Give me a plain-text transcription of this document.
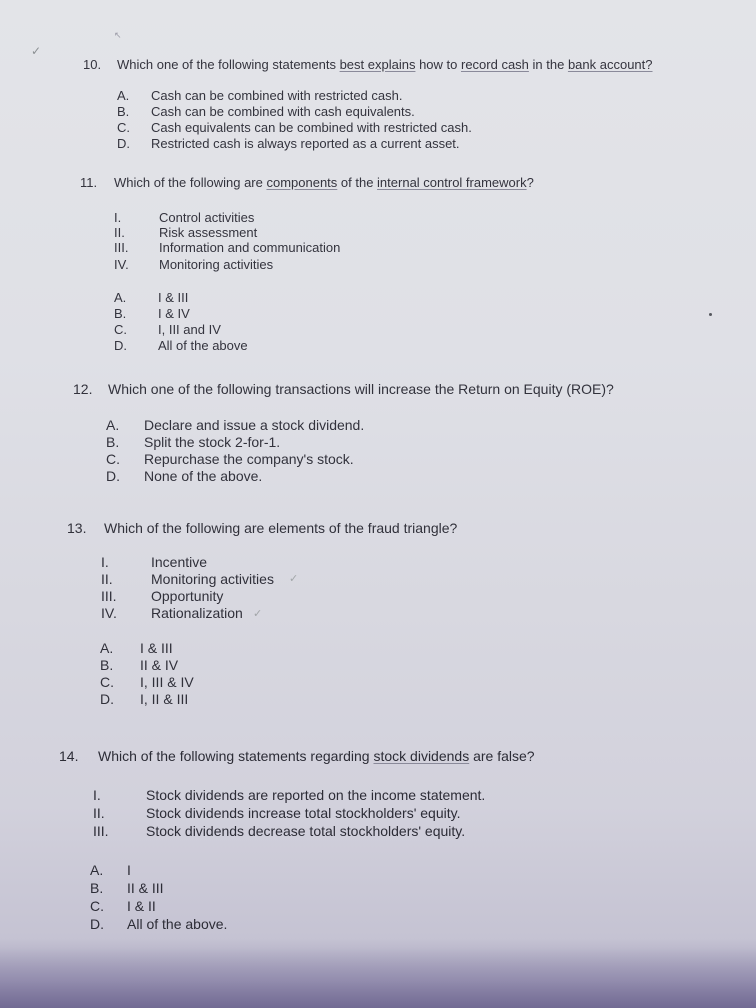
✓
↖
10. Which one of the following statements best explains how to record cash in the bank account?
A. Cash can be combined with restricted cash.
B. Cash can be combined with cash equivalents.
C. Cash equivalents can be combined with restricted cash.
D. Restricted cash is always reported as a current asset.
11. Which of the following are components of the internal control framework?
I.	Control activities
II.	Risk assessment
III. Information and communication
IV. Monitoring activities
A. I & III
B. I & IV
C. I, III and IV
D. All of the above
12. Which one of the following transactions will increase the Return on Equity (ROE)?
A. Declare and issue a stock dividend.
B. Split the stock 2-for-1.
C. Repurchase the company's stock.
D. None of the above.
13. Which of the following are elements of the fraud triangle?
I.	Incentive
II.	Monitoring activities ✓
III. Opportunity
IV. Rationalization ✓
A. I & III
B. II & IV
C. I, III & IV
D. I, II & III
14. Which of the following statements regarding stock dividends are false?
I.	Stock dividends are reported on the income statement.
II.	Stock dividends increase total stockholders' equity.
III.	Stock dividends decrease total stockholders' equity.
A. I
B. II & III
C. I & II
D. All of the above.
